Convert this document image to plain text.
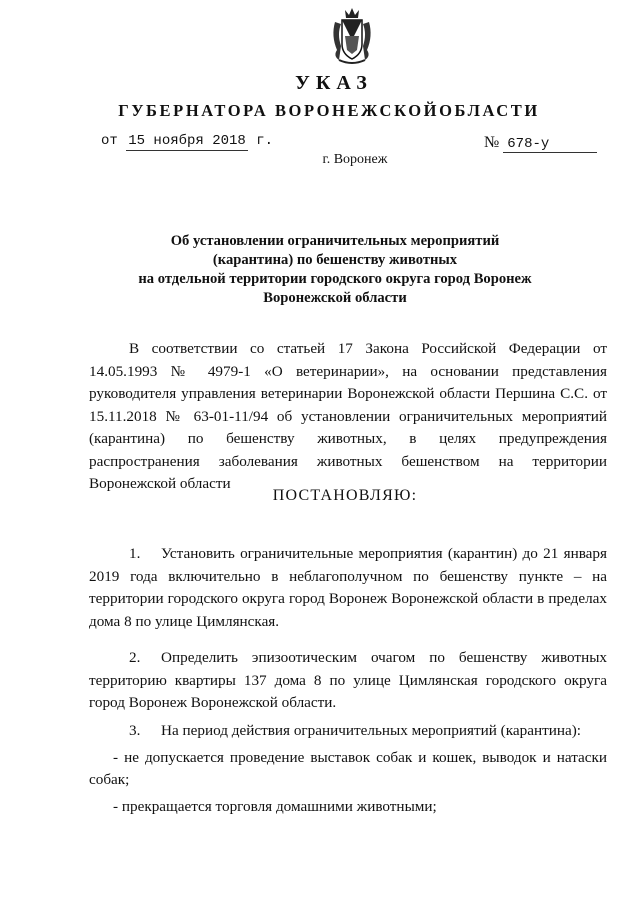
УКАЗ
ГУБЕРНАТОРА ВОРОНЕЖСКОЙОБЛАСТИ
от 15 ноября 2018 г.	№ 678-у
г. Воронеж
Об установлении ограничительных мероприятий
(карантина) по бешенству животных
на отдельной территории городского округа город Воронеж
Воронежской области

В соответствии со статьей 17 Закона Российской Федерации от 14.05.1993 № 4979-1 «О ветеринарии», на основании представления руководителя управления ветеринарии Воронежской области Першина С.С. от 15.11.2018 № 63-01-11/94 об установлении ограничительных мероприятий (карантина) по бешенству животных, в целях предупреждения распространения заболевания животных бешенством на территории Воронежской области

ПОСТАНОВЛЯЮ:

1. Установить ограничительные мероприятия (карантин) до 21 января 2019 года включительно в неблагополучном по бешенству пункте – на территории городского округа город Воронеж Воронежской области в пределах дома 8 по улице Цимлянская.

2. Определить эпизоотическим очагом по бешенству животных территорию квартиры 137 дома 8 по улице Цимлянская городского округа город Воронеж Воронежской области.

3. На период действия ограничительных мероприятий (карантина):

- не допускается проведение выставок собак и кошек, выводок и натаски собак;

- прекращается торговля домашними животными;
